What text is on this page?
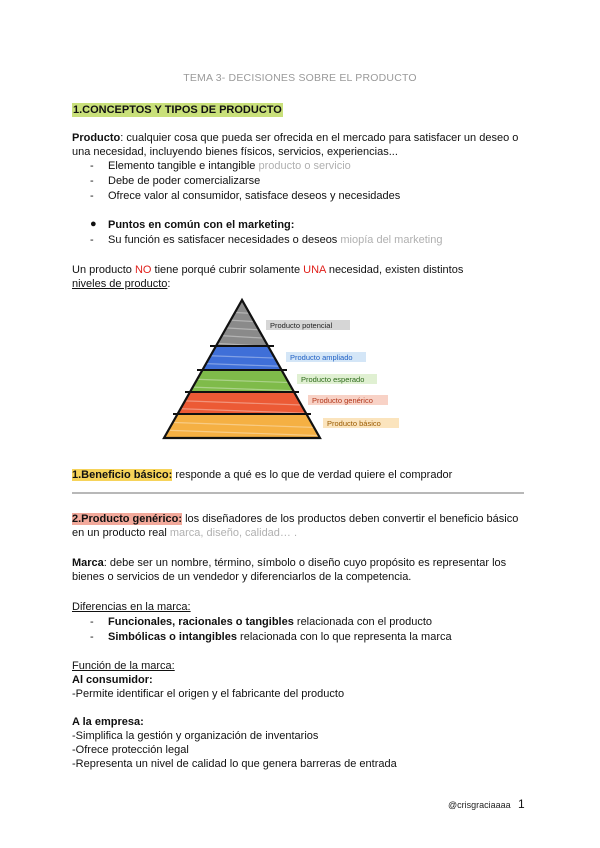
TEMA 3- DECISIONES SOBRE EL PRODUCTO
1.CONCEPTOS Y TIPOS DE PRODUCTO
Producto: cualquier cosa que pueda ser ofrecida en el mercado para satisfacer un deseo o
una necesidad, incluyendo bienes físicos, servicios, experiencias...
- Elemento tangible e intangible producto o servicio
- Debe de poder comercializarse
- Ofrece valor al consumidor, satisface deseos y necesidades
● Puntos en común con el marketing:
- Su función es satisfacer necesidades o deseos miopía del marketing
Un producto NO tiene porqué cubrir solamente UNA necesidad, existen distintos
niveles de producto:
Producto potencial
Producto ampliado
Producto esperado
Producto genérico
Producto básico
1.Beneficio básico: responde a qué es lo que de verdad quiere el comprador
2.Producto genérico: los diseñadores de los productos deben convertir el beneficio básico
en un producto real marca, diseño, calidad… .
Marca: debe ser un nombre, término, símbolo o diseño cuyo propósito es representar los
bienes o servicios de un vendedor y diferenciarlos de la competencia.
Diferencias en la marca:
- Funcionales, racionales o tangibles relacionada con el producto
- Simbólicas o intangibles relacionada con lo que representa la marca
Función de la marca:
Al consumidor:
-Permite identificar el origen y el fabricante del producto
A la empresa:
-Simplifica la gestión y organización de inventarios
-Ofrece protección legal
-Representa un nivel de calidad lo que genera barreras de entrada
@crisgraciaaaa 1
